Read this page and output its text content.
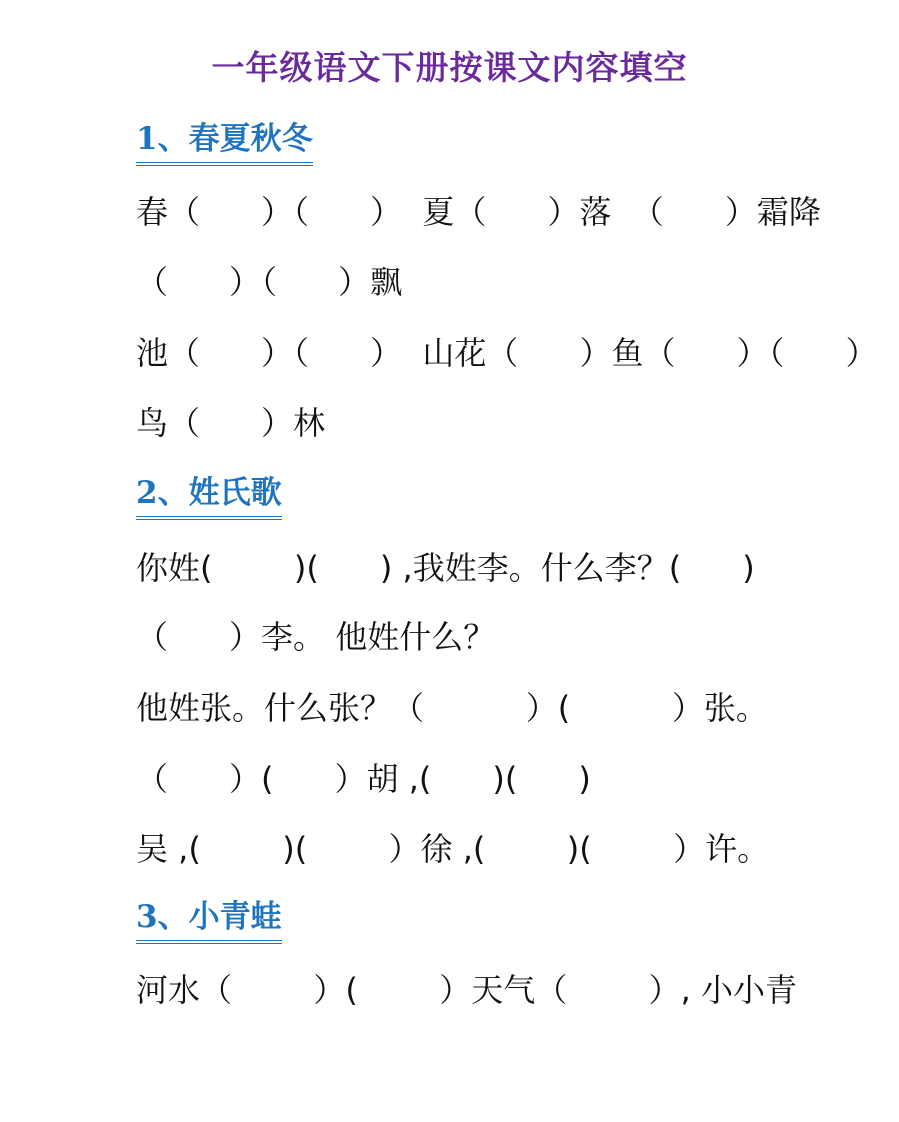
一年级语文下册按课文内容填空
1、春夏秋冬
春（      ）（      ）  夏（      ）落  （      ）霜降
（      ）（      ）飘
池（      ）（      ）  山花（      ）鱼（      ）（      ）
鸟（      ）林
2、姓氏歌
你姓(        )(      ) ,我姓李。什么李？(      )
（      ）李。 他姓什么？
他姓张。什么张？（          ）(          ）张。
（      ）(      ）胡 ,(      )(      )
吴 ,(        )(        ）徐 ,(        )(        ）许。
3、小青蛙
河水（        ）(        ）天气（        ）, 小小青
